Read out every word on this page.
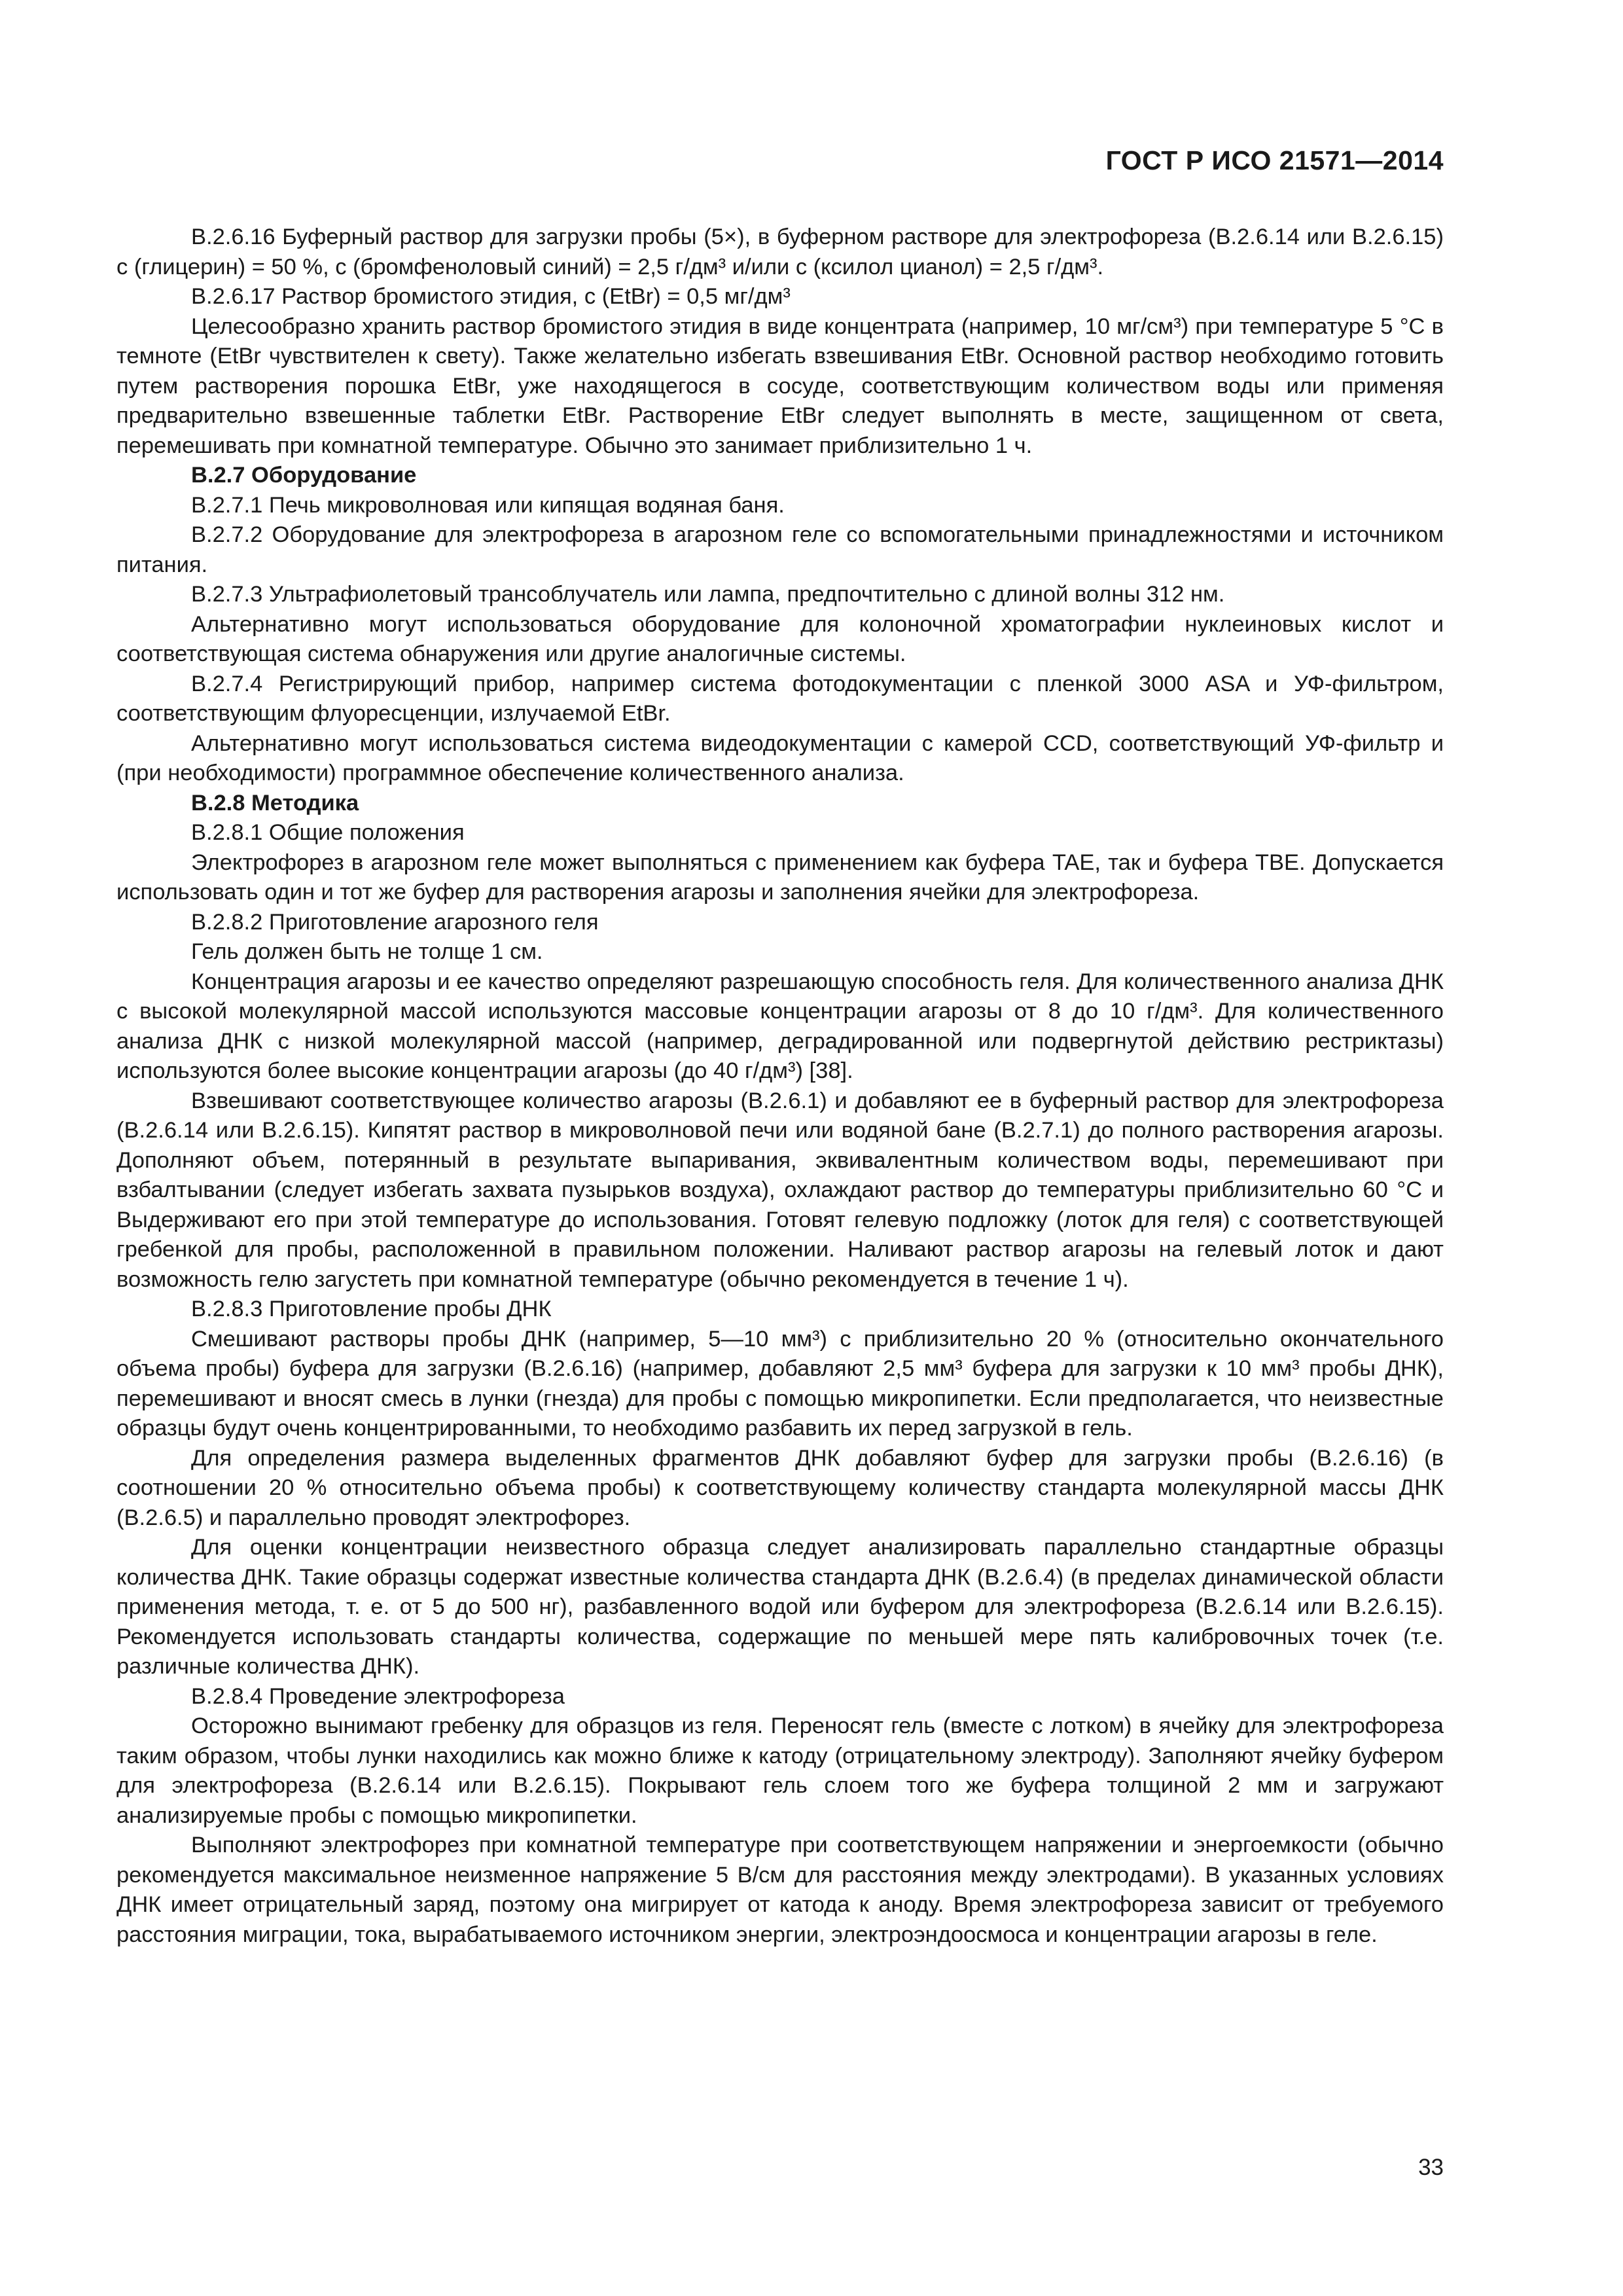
ГОСТ Р ИСО 21571—2014

В.2.6.16 Буферный раствор для загрузки пробы (5×), в буферном растворе для электрофореза (В.2.6.14 или В.2.6.15) с (глицерин) = 50 %, с (бромфеноловый синий) = 2,5 г/дм³ и/или с (ксилол цианол) = 2,5 г/дм³.

В.2.6.17 Раствор бромистого этидия, с (EtBr) = 0,5 мг/дм³

Целесообразно хранить раствор бромистого этидия в виде концентрата (например, 10 мг/см³) при температуре 5 °С в темноте (EtBr чувствителен к свету). Также желательно избегать взвешивания EtBr. Основной раствор необходимо готовить путем растворения порошка EtBr, уже находящегося в сосуде, соответствующим количеством воды или применяя предварительно взвешенные таблетки EtBr. Растворение EtBr следует выполнять в месте, защищенном от света, перемешивать при комнатной температуре. Обычно это занимает приблизительно 1 ч.

В.2.7 Оборудование

В.2.7.1 Печь микроволновая или кипящая водяная баня.

В.2.7.2 Оборудование для электрофореза в агарозном геле со вспомогательными принадлежностями и источником питания.

В.2.7.3 Ультрафиолетовый трансоблучатель или лампа, предпочтительно с длиной волны 312 нм.

Альтернативно могут использоваться оборудование для колоночной хроматографии нуклеиновых кислот и соответствующая система обнаружения или другие аналогичные системы.

В.2.7.4 Регистрирующий прибор, например система фотодокументации с пленкой 3000 ASA и УФ-фильтром, соответствующим флуоресценции, излучаемой EtBr.

Альтернативно могут использоваться система видеодокументации с камерой CCD, соответствующий УФ-фильтр и (при необходимости) программное обеспечение количественного анализа.

В.2.8 Методика

В.2.8.1 Общие положения

Электрофорез в агарозном геле может выполняться с применением как буфера TAE, так и буфера TBE. Допускается использовать один и тот же буфер для растворения агарозы и заполнения ячейки для электрофореза.

В.2.8.2 Приготовление агарозного геля

Гель должен быть не толще 1 см.

Концентрация агарозы и ее качество определяют разрешающую способность геля. Для количественного анализа ДНК с высокой молекулярной массой используются массовые концентрации агарозы от 8 до 10 г/дм³. Для количественного анализа ДНК с низкой молекулярной массой (например, деградированной или подвергнутой действию рестриктазы) используются более высокие концентрации агарозы (до 40 г/дм³) [38].

Взвешивают соответствующее количество агарозы (В.2.6.1) и добавляют ее в буферный раствор для электрофореза (В.2.6.14 или В.2.6.15). Кипятят раствор в микроволновой печи или водяной бане (В.2.7.1) до полного растворения агарозы. Дополняют объем, потерянный в результате выпаривания, эквивалентным количеством воды, перемешивают при взбалтывании (следует избегать захвата пузырьков воздуха), охлаждают раствор до температуры приблизительно 60 °С и Выдерживают его при этой температуре до использования. Готовят гелевую подложку (лоток для геля) с соответствующей гребенкой для пробы, расположенной в правильном положении. Наливают раствор агарозы на гелевый лоток и дают возможность гелю загустеть при комнатной температуре (обычно рекомендуется в течение 1 ч).

В.2.8.3 Приготовление пробы ДНК

Смешивают растворы пробы ДНК (например, 5—10 мм³) с приблизительно 20 % (относительно окончательного объема пробы) буфера для загрузки (В.2.6.16) (например, добавляют 2,5 мм³ буфера для загрузки к 10 мм³ пробы ДНК), перемешивают и вносят смесь в лунки (гнезда) для пробы с помощью микропипетки. Если предполагается, что неизвестные образцы будут очень концентрированными, то необходимо разбавить их перед загрузкой в гель.

Для определения размера выделенных фрагментов ДНК добавляют буфер для загрузки пробы (В.2.6.16) (в соотношении 20 % относительно объема пробы) к соответствующему количеству стандарта молекулярной массы ДНК (В.2.6.5) и параллельно проводят электрофорез.

Для оценки концентрации неизвестного образца следует анализировать параллельно стандартные образцы количества ДНК. Такие образцы содержат известные количества стандарта ДНК (В.2.6.4) (в пределах динамической области применения метода, т. е. от 5 до 500 нг), разбавленного водой или буфером для электрофореза (В.2.6.14 или В.2.6.15). Рекомендуется использовать стандарты количества, содержащие по меньшей мере пять калибровочных точек (т.е. различные количества ДНК).

В.2.8.4 Проведение электрофореза

Осторожно вынимают гребенку для образцов из геля. Переносят гель (вместе с лотком) в ячейку для электрофореза таким образом, чтобы лунки находились как можно ближе к катоду (отрицательному электроду). Заполняют ячейку буфером для электрофореза (В.2.6.14 или В.2.6.15). Покрывают гель слоем того же буфера толщиной 2 мм и загружают анализируемые пробы с помощью микропипетки.

Выполняют электрофорез при комнатной температуре при соответствующем напряжении и энергоемкости (обычно рекомендуется максимальное неизменное напряжение 5 В/см для расстояния между электродами). В указанных условиях ДНК имеет отрицательный заряд, поэтому она мигрирует от катода к аноду. Время электрофореза зависит от требуемого расстояния миграции, тока, вырабатываемого источником энергии, электроэндоосмоса и концентрации агарозы в геле.

33
